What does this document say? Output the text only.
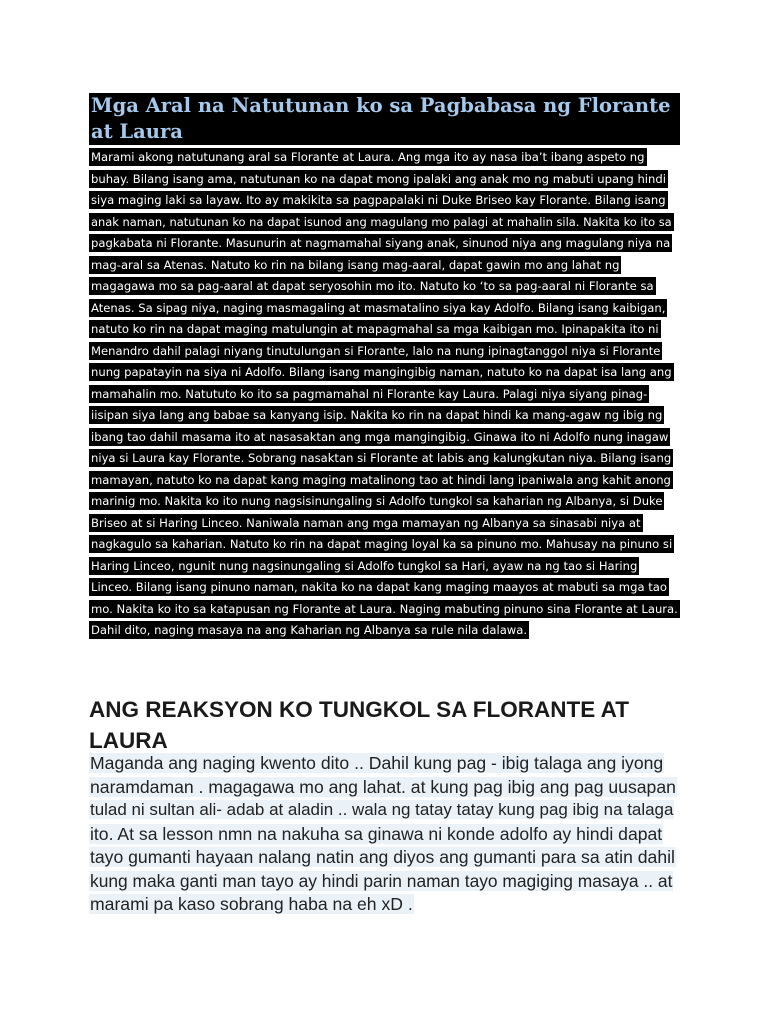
Mga Aral na Natutunan ko sa Pagbabasa ng Florante

at Laura

Marami akong natutunang aral sa Florante at Laura. Ang mga ito ay nasa iba’t ibang aspeto ng
buhay. Bilang isang ama, natutunan ko na dapat mong ipalaki ang anak mo ng mabuti upang hindi
siya maging laki sa layaw. Ito ay makikita sa pagpapalaki ni Duke Briseo kay Florante. Bilang isang
anak naman, natutunan ko na dapat isunod ang magulang mo palagi at mahalin sila. Nakita ko ito sa
pagkabata ni Florante. Masunurin at nagmamahal siyang anak, sinunod niya ang magulang niya na
mag-aral sa Atenas. Natuto ko rin na bilang isang mag-aaral, dapat gawin mo ang lahat ng
magagawa mo sa pag-aaral at dapat seryosohin mo ito. Natuto ko ‘to sa pag-aaral ni Florante sa
Atenas. Sa sipag niya, naging masmagaling at masmatalino siya kay Adolfo. Bilang isang kaibigan,
natuto ko rin na dapat maging matulungin at mapagmahal sa mga kaibigan mo. Ipinapakita ito ni
Menandro dahil palagi niyang tinutulungan si Florante, lalo na nung ipinagtanggol niya si Florante
nung papatayin na siya ni Adolfo. Bilang isang mangingibig naman, natuto ko na dapat isa lang ang
mamahalin mo. Natututo ko ito sa pagmamahal ni Florante kay Laura. Palagi niya siyang pinag-
iisipan siya lang ang babae sa kanyang isip. Nakita ko rin na dapat hindi ka mang-agaw ng ibig ng
ibang tao dahil masama ito at nasasaktan ang mga mangingibig. Ginawa ito ni Adolfo nung inagaw
niya si Laura kay Florante. Sobrang nasaktan si Florante at labis ang kalungkutan niya. Bilang isang
mamayan, natuto ko na dapat kang maging matalinong tao at hindi lang ipaniwala ang kahit anong
marinig mo. Nakita ko ito nung nagsisinungaling si Adolfo tungkol sa kaharian ng Albanya, si Duke
Briseo at si Haring Linceo. Naniwala naman ang mga mamayan ng Albanya sa sinasabi niya at
nagkagulo sa kaharian. Natuto ko rin na dapat maging loyal ka sa pinuno mo. Mahusay na pinuno si
Haring Linceo, ngunit nung nagsinungaling si Adolfo tungkol sa Hari, ayaw na ng tao si Haring
Linceo. Bilang isang pinuno naman, nakita ko na dapat kang maging maayos at mabuti sa mga tao
mo. Nakita ko ito sa katapusan ng Florante at Laura. Naging mabuting pinuno sina Florante at Laura.
Dahil dito, naging masaya na ang Kaharian ng Albanya sa rule nila dalawa.

ANG REAKSYON KO TUNGKOL SA FLORANTE AT

LAURA

Maganda ang naging kwento dito .. Dahil kung pag - ibig talaga ang iyong
naramdaman . magagawa mo ang lahat. at kung pag ibig ang pag uusapan
tulad ni sultan ali- adab at aladin .. wala ng tatay tatay kung pag ibig na talaga
ito. At sa lesson nmn na nakuha sa ginawa ni konde adolfo ay hindi dapat
tayo gumanti hayaan nalang natin ang diyos ang gumanti para sa atin dahil
kung maka ganti man tayo ay hindi parin naman tayo magiging masaya .. at
marami pa kaso sobrang haba na eh xD .
